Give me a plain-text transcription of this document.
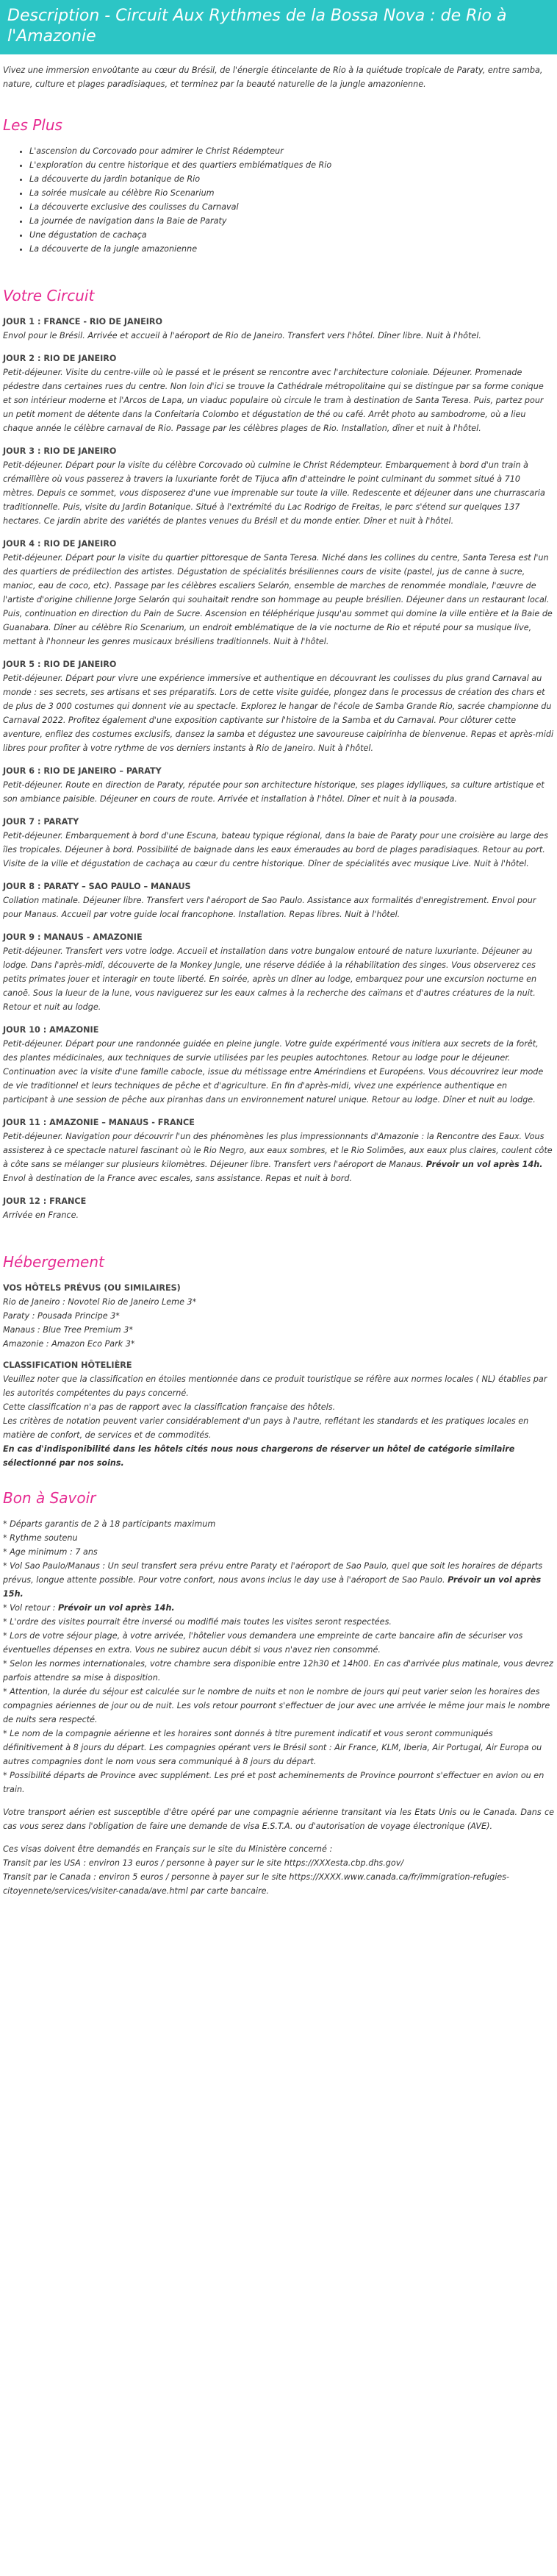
Description - Circuit Aux Rythmes de la Bossa Nova : de Rio à l'Amazonie

Vivez une immersion envoûtante au cœur du Brésil, de l'énergie étincelante de Rio à la quiétude tropicale de Paraty, entre samba, nature, culture et plages paradisiaques, et terminez par la beauté naturelle de la jungle amazonienne.

Les Plus
• L'ascension du Corcovado pour admirer le Christ Rédempteur
• L'exploration du centre historique et des quartiers emblématiques de Rio
• La découverte du jardin botanique de Rio
• La soirée musicale au célèbre Rio Scenarium
• La découverte exclusive des coulisses du Carnaval
• La journée de navigation dans la Baie de Paraty
• Une dégustation de cachaça
• La découverte de la jungle amazonienne
Votre Circuit
JOUR 1 : FRANCE - RIO DE JANEIRO

Envol pour le Brésil. Arrivée et accueil à l'aéroport de Rio de Janeiro. Transfert vers l'hôtel. Dîner libre. Nuit à l'hôtel.

JOUR 2 : RIO DE JANEIRO

Petit-déjeuner. Visite du centre-ville où le passé et le présent se rencontre avec l'architecture coloniale. Déjeuner. Promenade pédestre dans certaines rues du centre. Non loin d'ici se trouve la Cathédrale métropolitaine qui se distingue par sa forme conique et son intérieur moderne et l'Arcos de Lapa, un viaduc populaire où circule le tram à destination de Santa Teresa. Puis, partez pour un petit moment de détente dans la Confeitaria Colombo et dégustation de thé ou café. Arrêt photo au sambodrome, où a lieu chaque année le célèbre carnaval de Rio. Passage par les célèbres plages de Rio. Installation, dîner et nuit à l'hôtel.

JOUR 3 : RIO DE JANEIRO

Petit-déjeuner. Départ pour la visite du célèbre Corcovado où culmine le Christ Rédempteur. Embarquement à bord d'un train à crémaillère où vous passerez à travers la luxuriante forêt de Tijuca afin d'atteindre le point culminant du sommet situé à 710 mètres. Depuis ce sommet, vous disposerez d'une vue imprenable sur toute la ville. Redescente et déjeuner dans une churrascaria traditionnelle. Puis, visite du Jardin Botanique. Situé à l'extrémité du Lac Rodrigo de Freitas, le parc s'étend sur quelques 137 hectares. Ce jardin abrite des variétés de plantes venues du Brésil et du monde entier. Dîner et nuit à l'hôtel.

JOUR 4 : RIO DE JANEIRO

Petit-déjeuner. Départ pour la visite du quartier pittoresque de Santa Teresa. Niché dans les collines du centre, Santa Teresa est l'un des quartiers de prédilection des artistes. Dégustation de spécialités brésiliennes cours de visite (pastel, jus de canne à sucre, manioc, eau de coco, etc). Passage par les célèbres escaliers Selarón, ensemble de marches de renommée mondiale, l'œuvre de l'artiste d'origine chilienne Jorge Selarón qui souhaitait rendre son hommage au peuple brésilien. Déjeuner dans un restaurant local. Puis, continuation en direction du Pain de Sucre. Ascension en téléphérique jusqu'au sommet qui domine la ville entière et la Baie de Guanabara. Dîner au célèbre Rio Scenarium, un endroit emblématique de la vie nocturne de Rio et réputé pour sa musique live, mettant à l'honneur les genres musicaux brésiliens traditionnels. Nuit à l'hôtel.

JOUR 5 : RIO DE JANEIRO

Petit-déjeuner. Départ pour vivre une expérience immersive et authentique en découvrant les coulisses du plus grand Carnaval au monde : ses secrets, ses artisans et ses préparatifs. Lors de cette visite guidée, plongez dans le processus de création des chars et de plus de 3 000 costumes qui donnent vie au spectacle. Explorez le hangar de l'école de Samba Grande Rio, sacrée championne du Carnaval 2022. Profitez également d'une exposition captivante sur l'histoire de la Samba et du Carnaval. Pour clôturer cette aventure, enfilez des costumes exclusifs, dansez la samba et dégustez une savoureuse caipirinha de bienvenue. Repas et après-midi libres pour profiter à votre rythme de vos derniers instants à Rio de Janeiro. Nuit à l'hôtel.

JOUR 6 : RIO DE JANEIRO – PARATY

Petit-déjeuner. Route en direction de Paraty, réputée pour son architecture historique, ses plages idylliques, sa culture artistique et son ambiance paisible. Déjeuner en cours de route. Arrivée et installation à l'hôtel. Dîner et nuit à la pousada.

JOUR 7 : PARATY

Petit-déjeuner. Embarquement à bord d'une Escuna, bateau typique régional, dans la baie de Paraty pour une croisière au large des îles tropicales. Déjeuner à bord. Possibilité de baignade dans les eaux émeraudes au bord de plages paradisiaques. Retour au port. Visite de la ville et dégustation de cachaça au cœur du centre historique. Dîner de spécialités avec musique Live. Nuit à l'hôtel.

JOUR 8 : PARATY – SAO PAULO – MANAUS

Collation matinale. Déjeuner libre. Transfert vers l'aéroport de Sao Paulo. Assistance aux formalités d'enregistrement. Envol pour pour Manaus. Accueil par votre guide local francophone. Installation. Repas libres. Nuit à l'hôtel.

JOUR 9 : MANAUS - AMAZONIE

Petit-déjeuner. Transfert vers votre lodge. Accueil et installation dans votre bungalow entouré de nature luxuriante. Déjeuner au lodge. Dans l'après-midi, découverte de la Monkey Jungle, une réserve dédiée à la réhabilitation des singes. Vous observerez ces petits primates jouer et interagir en toute liberté. En soirée, après un dîner au lodge, embarquez pour une excursion nocturne en canoë. Sous la lueur de la lune, vous naviguerez sur les eaux calmes à la recherche des caïmans et d'autres créatures de la nuit. Retour et nuit au lodge.

JOUR 10 : AMAZONIE

Petit-déjeuner. Départ pour une randonnée guidée en pleine jungle. Votre guide expérimenté vous initiera aux secrets de la forêt, des plantes médicinales, aux techniques de survie utilisées par les peuples autochtones. Retour au lodge pour le déjeuner. Continuation avec la visite d'une famille cabocle, issue du métissage entre Amérindiens et Européens. Vous découvrirez leur mode de vie traditionnel et leurs techniques de pêche et d'agriculture. En fin d'après-midi, vivez une expérience authentique en participant à une session de pêche aux piranhas dans un environnement naturel unique. Retour au lodge. Dîner et nuit au lodge.

JOUR 11 : AMAZONIE – MANAUS - FRANCE

Petit-déjeuner. Navigation pour découvrir l'un des phénomènes les plus impressionnants d'Amazonie : la Rencontre des Eaux. Vous assisterez à ce spectacle naturel fascinant où le Rio Negro, aux eaux sombres, et le Rio Solimões, aux eaux plus claires, coulent côte à côte sans se mélanger sur plusieurs kilomètres. Déjeuner libre. Transfert vers l'aéroport de Manaus. Prévoir un vol après 14h. Envol à destination de la France avec escales, sans assistance. Repas et nuit à bord.

JOUR 12 : FRANCE

Arrivée en France.

Hébergement
VOS HÔTELS PRÉVUS (OU SIMILAIRES)

Rio de Janeiro : Novotel Rio de Janeiro Leme 3*

Paraty : Pousada Principe 3*

Manaus : Blue Tree Premium 3*

Amazonie : Amazon Eco Park 3*

CLASSIFICATION HÔTELIÈRE

Veuillez noter que la classification en étoiles mentionnée dans ce produit touristique se réfère aux normes locales ( NL) établies par les autorités compétentes du pays concerné.

Cette classification n'a pas de rapport avec la classification française des hôtels.

Les critères de notation peuvent varier considérablement d'un pays à l'autre, reflétant les standards et les pratiques locales en matière de confort, de services et de commodités.

En cas d'indisponibilité dans les hôtels cités nous nous chargerons de réserver un hôtel de catégorie similaire sélectionné par nos soins.

Bon à Savoir

* Départs garantis de 2 à 18 participants maximum

* Rythme soutenu

* Age minimum : 7 ans

* Vol Sao Paulo/Manaus : Un seul transfert sera prévu entre Paraty et l'aéroport de Sao Paulo, quel que soit les horaires de départs prévus, longue attente possible. Pour votre confort, nous avons inclus le day use à l'aéroport de Sao Paulo. Prévoir un vol après 15h.

* Vol retour : Prévoir un vol après 14h.

* L'ordre des visites pourrait être inversé ou modifié mais toutes les visites seront respectées.

* Lors de votre séjour plage, à votre arrivée, l'hôtelier vous demandera une empreinte de carte bancaire afin de sécuriser vos éventuelles dépenses en extra. Vous ne subirez aucun débit si vous n'avez rien consommé.

* Selon les normes internationales, votre chambre sera disponible entre 12h30 et 14h00. En cas d'arrivée plus matinale, vous devrez parfois attendre sa mise à disposition.

* Attention, la durée du séjour est calculée sur le nombre de nuits et non le nombre de jours qui peut varier selon les horaires des compagnies aériennes de jour ou de nuit. Les vols retour pourront s'effectuer de jour avec une arrivée le même jour mais le nombre de nuits sera respecté.

* Le nom de la compagnie aérienne et les horaires sont donnés à titre purement indicatif et vous seront communiqués définitivement à 8 jours du départ. Les compagnies opérant vers le Brésil sont : Air France, KLM, Iberia, Air Portugal, Air Europa ou autres compagnies dont le nom vous sera communiqué à 8 jours du départ.

* Possibilité départs de Province avec supplément. Les pré et post acheminements de Province pourront s'effectuer en avion ou en train.

Votre transport aérien est susceptible d'être opéré par une compagnie aérienne transitant via les Etats Unis ou le Canada. Dans ce cas vous serez dans l'obligation de faire une demande de visa E.S.T.A. ou d'autorisation de voyage électronique (AVE).

Ces visas doivent être demandés en Français sur le site du Ministère concerné :

Transit par les USA : environ 13 euros / personne à payer sur le site https://XXXesta.cbp.dhs.gov/

Transit par le Canada : environ 5 euros / personne à payer sur le site https://XXXX.www.canada.ca/fr/immigration-refugies-citoyennete/services/visiter-canada/ave.html par carte bancaire.
